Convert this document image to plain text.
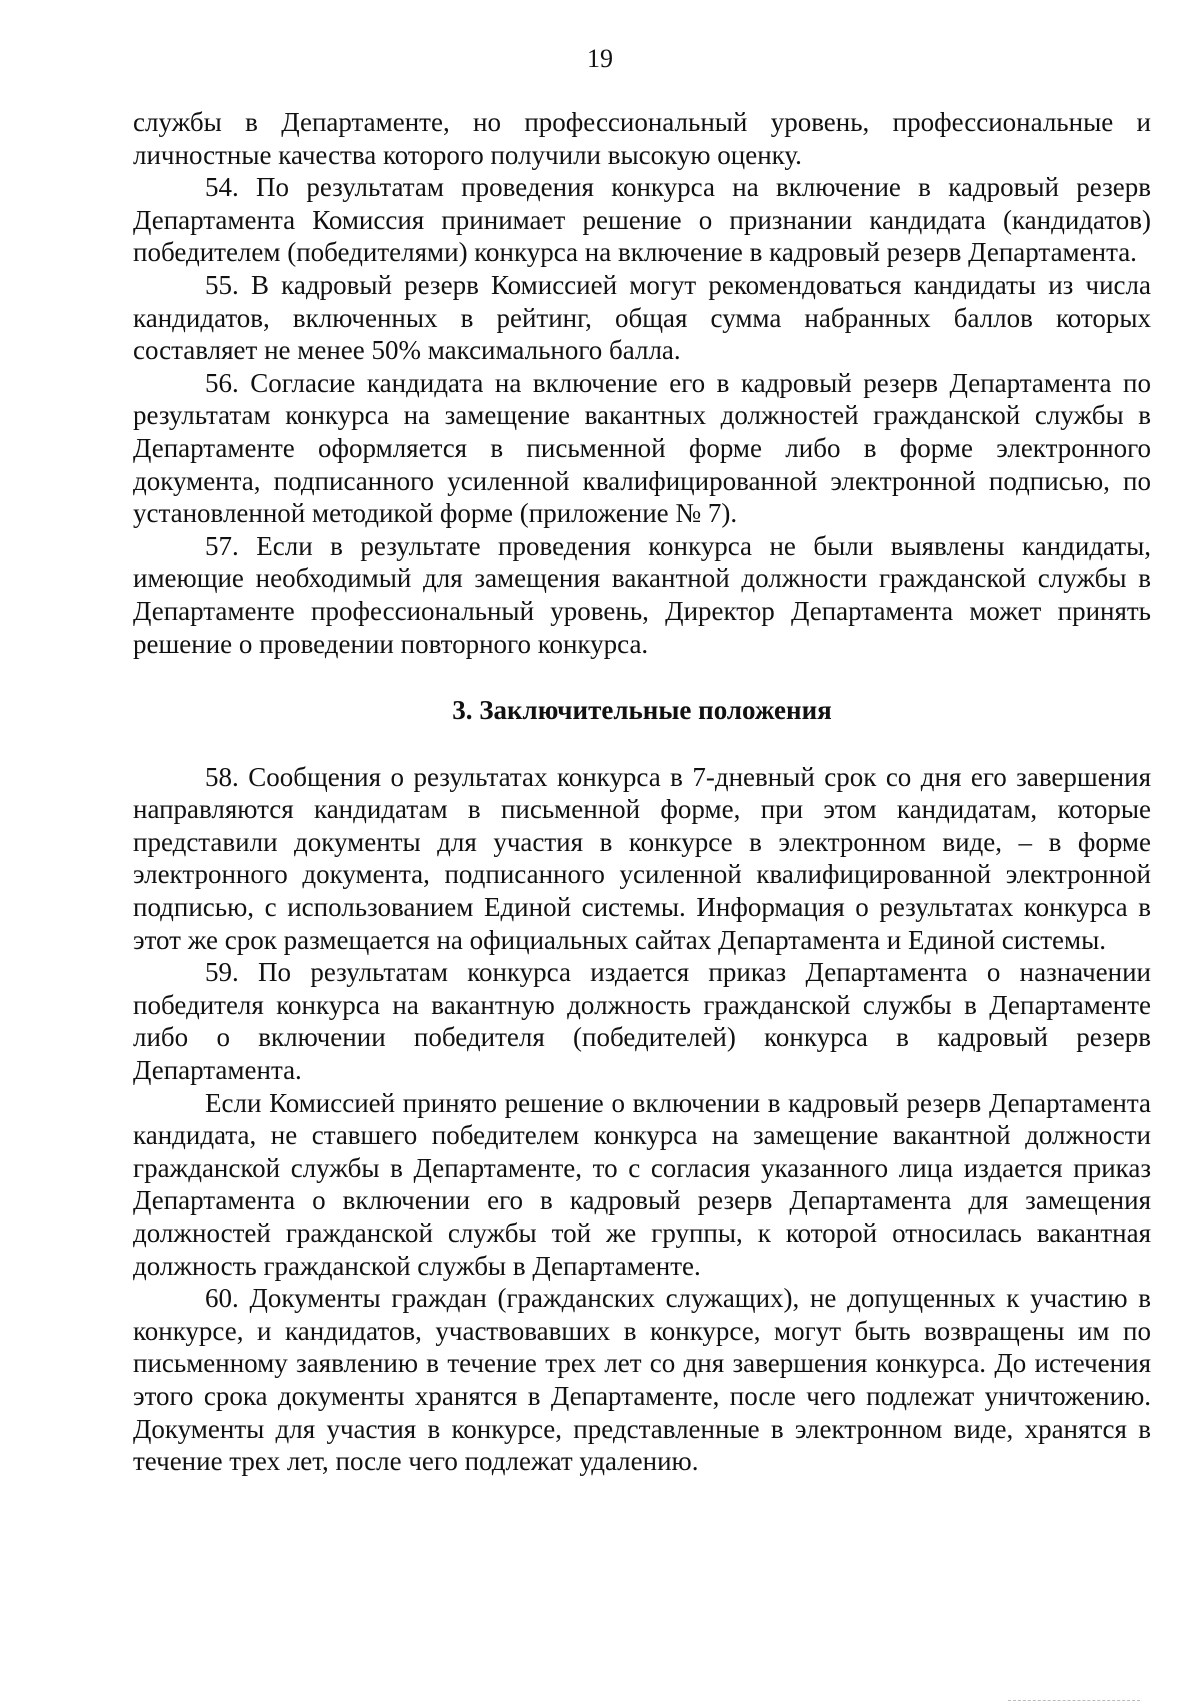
19

службы в Департаменте, но профессиональный уровень, профессиональные и личностные качества которого получили высокую оценку.

54. По результатам проведения конкурса на включение в кадровый резерв Департамента Комиссия принимает решение о признании кандидата (кандидатов) победителем (победителями) конкурса на включение в кадровый резерв Департамента.

55. В кадровый резерв Комиссией могут рекомендоваться кандидаты из числа кандидатов, включенных в рейтинг, общая сумма набранных баллов которых составляет не менее 50% максимального балла.

56. Согласие кандидата на включение его в кадровый резерв Департамента по результатам конкурса на замещение вакантных должностей гражданской службы в Департаменте оформляется в письменной форме либо в форме электронного документа, подписанного усиленной квалифицированной электронной подписью, по установленной методикой форме (приложение № 7).

57. Если в результате проведения конкурса не были выявлены кандидаты, имеющие необходимый для замещения вакантной должности гражданской службы в Департаменте профессиональный уровень, Директор Департамента может принять решение о проведении повторного конкурса.

3. Заключительные положения

58. Сообщения о результатах конкурса в 7-дневный срок со дня его завершения направляются кандидатам в письменной форме, при этом кандидатам, которые представили документы для участия в конкурсе в электронном виде, – в форме электронного документа, подписанного усиленной квалифицированной электронной подписью, с использованием Единой системы. Информация о результатах конкурса в этот же срок размещается на официальных сайтах Департамента и Единой системы.

59. По результатам конкурса издается приказ Департамента о назначении победителя конкурса на вакантную должность гражданской службы в Департаменте либо о включении победителя (победителей) конкурса в кадровый резерв Департамента.

Если Комиссией принято решение о включении в кадровый резерв Департамента кандидата, не ставшего победителем конкурса на замещение вакантной должности гражданской службы в Департаменте, то с согласия указанного лица издается приказ Департамента о включении его в кадровый резерв Департамента для замещения должностей гражданской службы той же группы, к которой относилась вакантная должность гражданской службы в Департаменте.

60. Документы граждан (гражданских служащих), не допущенных к участию в конкурсе, и кандидатов, участвовавших в конкурсе, могут быть возвращены им по письменному заявлению в течение трех лет со дня завершения конкурса. До истечения этого срока документы хранятся в Департаменте, после чего подлежат уничтожению. Документы для участия в конкурсе, представленные в электронном виде, хранятся в течение трех лет, после чего подлежат удалению.
